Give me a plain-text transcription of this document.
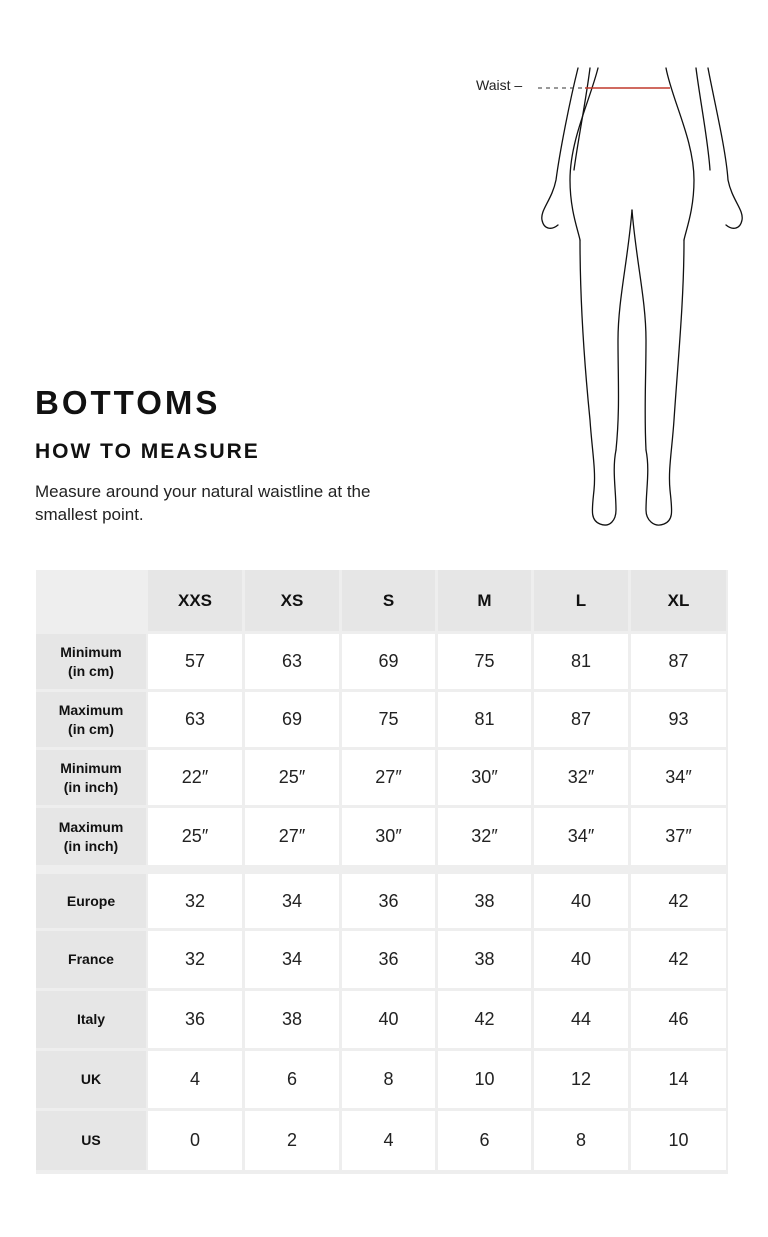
Waist –
BOTTOMS
HOW TO MEASURE

Measure around your natural waistline at the smallest point.

XXS	XS	S	M	L	XL
Minimum
(in cm)	57	63	69	75	81	87
Maximum
(in cm)	63	69	75	81	87	93
Minimum
(in inch)	22″	25″	27″	30″	32″	34″
Maximum
(in inch)	25″	27″	30″	32″	34″	37″
Europe	32	34	36	38	40	42
France	32	34	36	38	40	42
Italy	36	38	40	42	44	46
UK	4	6	8	10	12	14
US	0	2	4	6	8	10
